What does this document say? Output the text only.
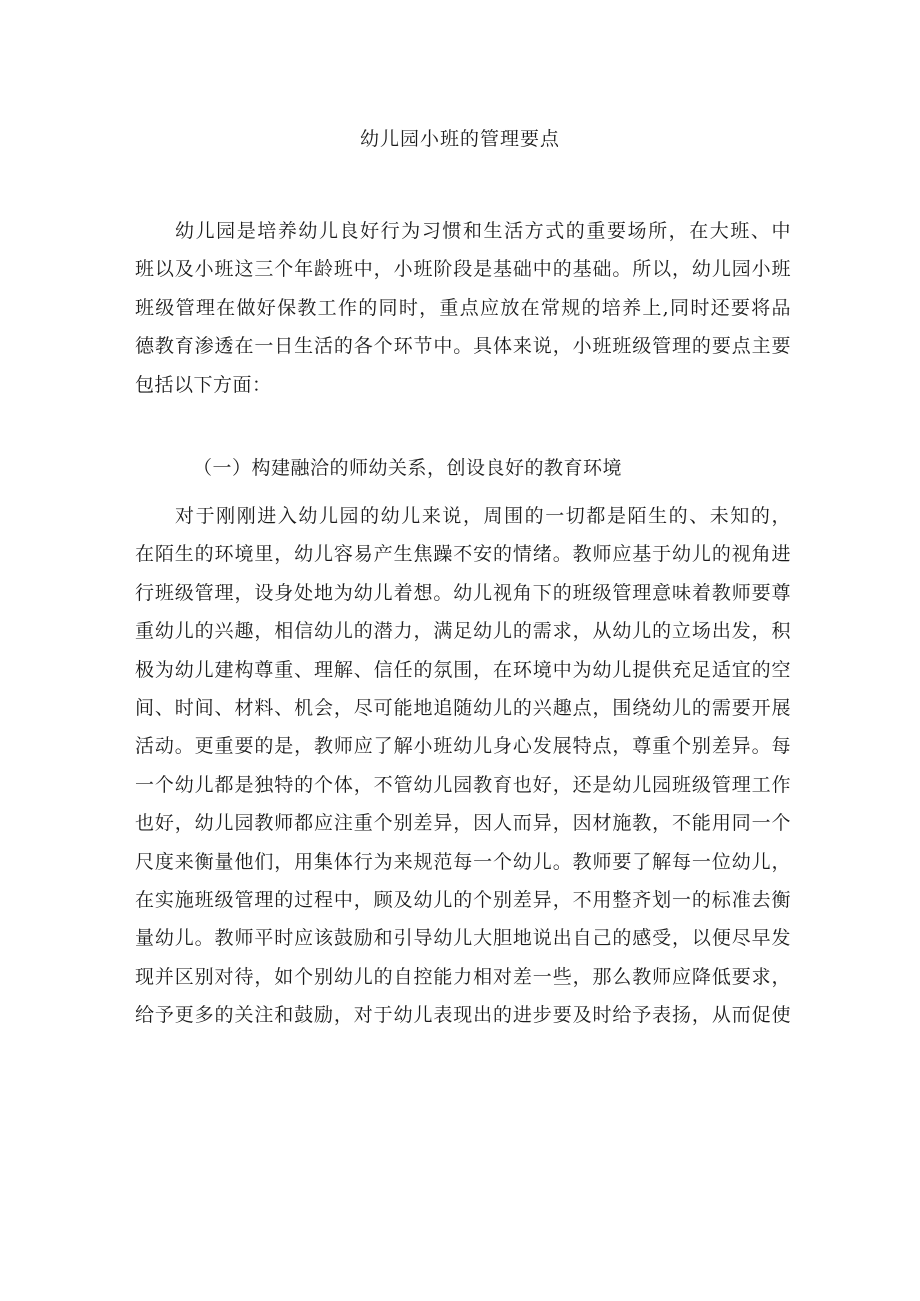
幼儿园小班的管理要点
幼儿园是培养幼儿良好行为习惯和生活方式的重要场所，在大班、中
班以及小班这三个年龄班中，小班阶段是基础中的基础。所以，幼儿园小班
班级管理在做好保教工作的同时，重点应放在常规的培养上,同时还要将品
德教育渗透在一日生活的各个环节中。具体来说，小班班级管理的要点主要
包括以下方面：
（一）构建融洽的师幼关系，创设良好的教育环境
对于刚刚进入幼儿园的幼儿来说，周围的一切都是陌生的、未知的，
在陌生的环境里，幼儿容易产生焦躁不安的情绪。教师应基于幼儿的视角进
行班级管理，设身处地为幼儿着想。幼儿视角下的班级管理意味着教师要尊
重幼儿的兴趣，相信幼儿的潜力，满足幼儿的需求，从幼儿的立场出发，积
极为幼儿建构尊重、理解、信任的氛围，在环境中为幼儿提供充足适宜的空
间、时间、材料、机会，尽可能地追随幼儿的兴趣点，围绕幼儿的需要开展
活动。更重要的是，教师应了解小班幼儿身心发展特点，尊重个别差异。每
一个幼儿都是独特的个体，不管幼儿园教育也好，还是幼儿园班级管理工作
也好，幼儿园教师都应注重个别差异，因人而异，因材施教，不能用同一个
尺度来衡量他们，用集体行为来规范每一个幼儿。教师要了解每一位幼儿，
在实施班级管理的过程中，顾及幼儿的个别差异，不用整齐划一的标准去衡
量幼儿。教师平时应该鼓励和引导幼儿大胆地说出自己的感受，以便尽早发
现并区别对待，如个别幼儿的自控能力相对差一些，那么教师应降低要求，
给予更多的关注和鼓励，对于幼儿表现出的进步要及时给予表扬，从而促使
